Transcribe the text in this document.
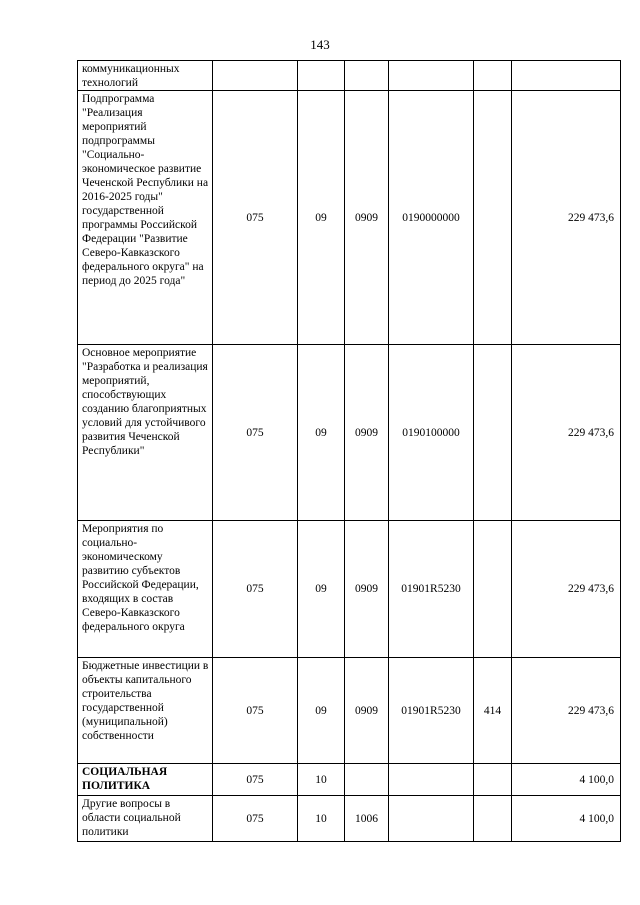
143
коммуникационных технологий						
Подпрограмма "Реализация мероприятий подпрограммы "Социально-экономическое развитие Чеченской Республики на 2016-2025 годы" государственной программы Российской Федерации "Развитие Северо-Кавказского федерального округа" на период до 2025 года"	075	09	0909	0190000000		229 473,6
Основное мероприятие "Разработка и реализация мероприятий, способствующих созданию благоприятных условий для устойчивого развития Чеченской Республики"	075	09	0909	0190100000		229 473,6
Мероприятия по социально-экономическому развитию субъектов Российской Федерации, входящих в состав Северо-Кавказского федерального округа	075	09	0909	01901R5230		229 473,6
Бюджетные инвестиции в объекты капитального строительства государственной (муниципальной) собственности	075	09	0909	01901R5230	414	229 473,6
СОЦИАЛЬНАЯ ПОЛИТИКА	075	10				4 100,0
Другие вопросы в области социальной политики	075	10	1006			4 100,0
